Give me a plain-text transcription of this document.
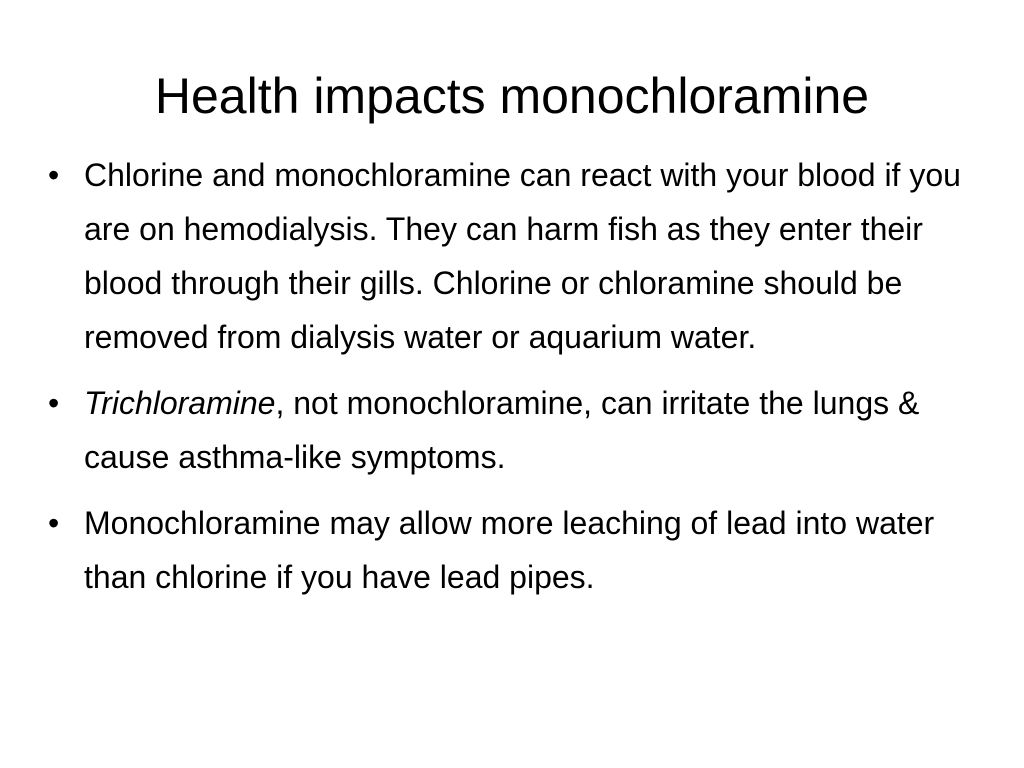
Health impacts monochloramine
• Chlorine and monochloramine can react with your blood if you are on hemodialysis. They can harm fish as they enter their blood through their gills. Chlorine or chloramine should be removed from dialysis water or aquarium water.
• Trichloramine, not monochloramine, can irritate the lungs & cause asthma-like symptoms.
• Monochloramine may allow more leaching of lead into water than chlorine if you have lead pipes.
